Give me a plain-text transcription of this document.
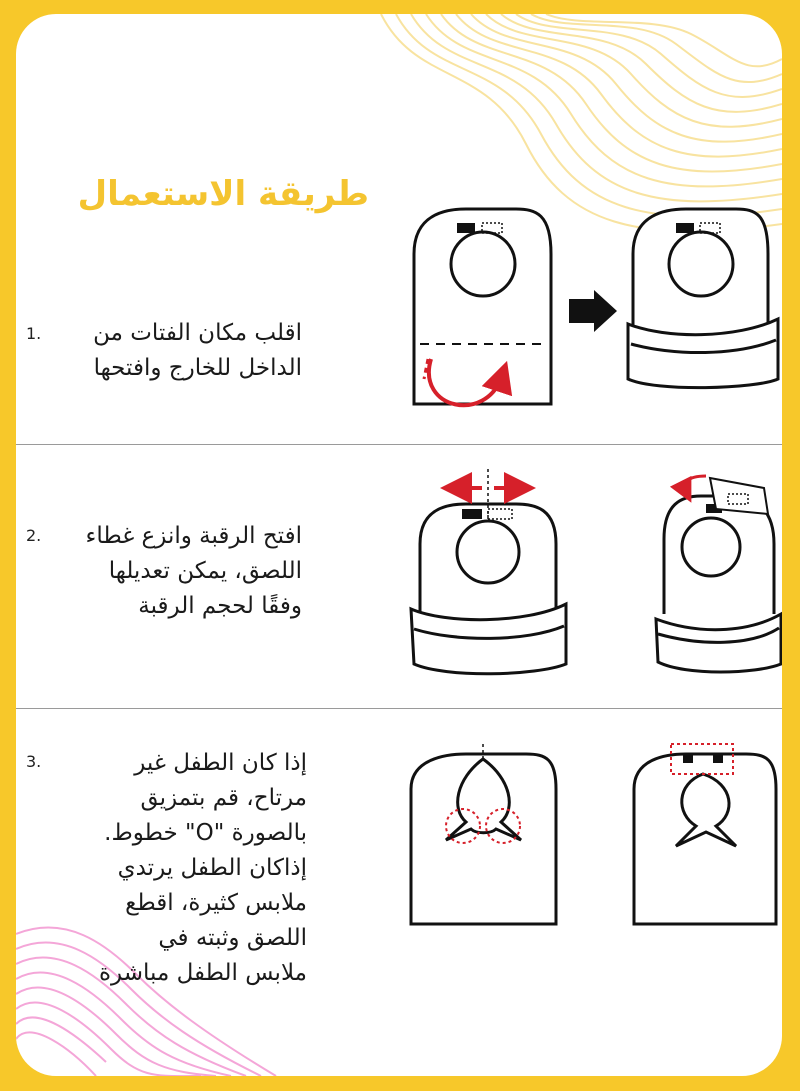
طريقة الاستعمال
1. اقلب مكان الفتات من
الداخل للخارج وافتحها
2. افتح الرقبة وانزع غطاء
اللصق، يمكن تعديلها
وفقًا لحجم الرقبة
3.	إذا كان الطفل غير
مرتاح، قم بتمزيق
بالصورة "O" خطوط.
إذاكان الطفل يرتدي
ملابس كثيرة، اقطع
اللصق وثبته في
ملابس الطفل مباشرة
